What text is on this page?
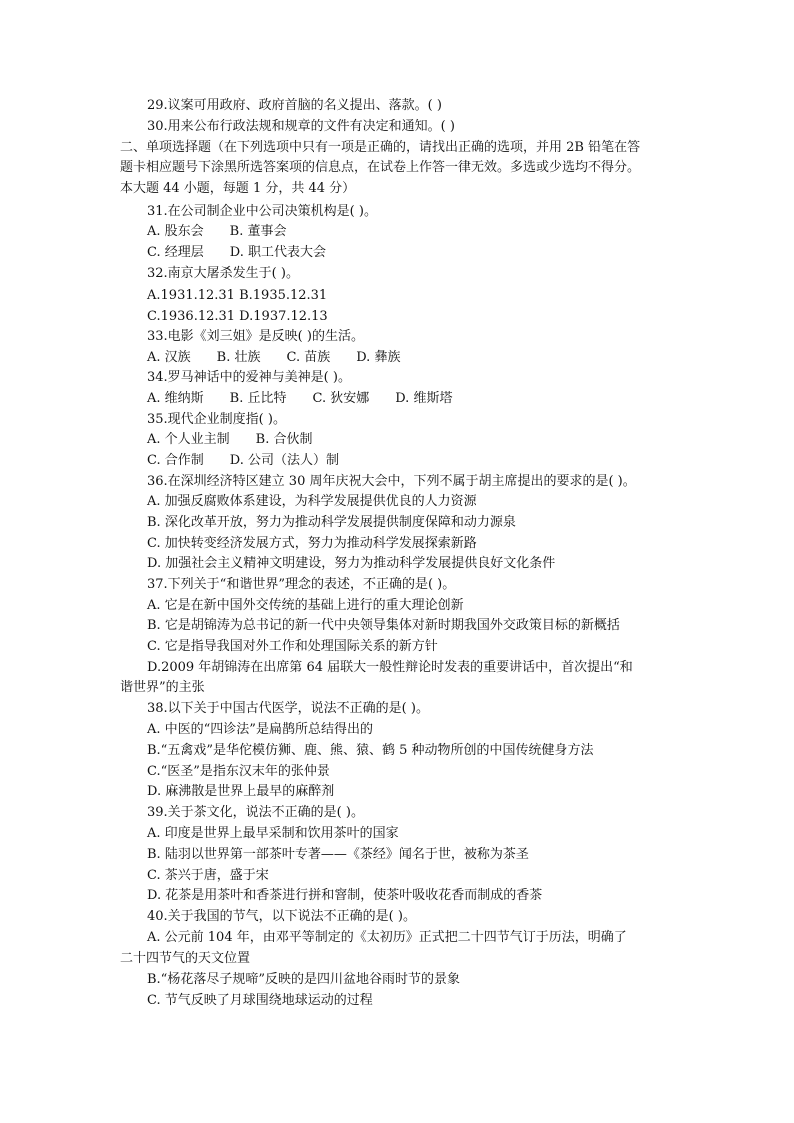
29.议案可用政府、政府首脑的名义提出、落款。( )
30.用来公布行政法规和规章的文件有决定和通知。( )
二、单项选择题（在下列选项中只有一项是正确的，请找出正确的选项，并用 2B 铅笔在答
题卡相应题号下涂黑所选答案项的信息点，在试卷上作答一律无效。多选或少选均不得分。
本大题 44 小题，每题 1 分，共 44 分）
31.在公司制企业中公司决策机构是( )。
A. 股东会　　B. 董事会
C. 经理层　　D. 职工代表大会
32.南京大屠杀发生于( )。
A.1931.12.31 B.1935.12.31
C.1936.12.31 D.1937.12.13
33.电影《刘三姐》是反映( )的生活。
A. 汉族　　B. 壮族　　C. 苗族　　D. 彝族
34.罗马神话中的爱神与美神是( )。
A. 维纳斯　　B. 丘比特　　C. 狄安娜　　D. 维斯塔
35.现代企业制度指( )。
A. 个人业主制　　B. 合伙制
C. 合作制　　D. 公司（法人）制
36.在深圳经济特区建立 30 周年庆祝大会中，下列不属于胡主席提出的要求的是( )。
A. 加强反腐败体系建设，为科学发展提供优良的人力资源
B. 深化改革开放，努力为推动科学发展提供制度保障和动力源泉
C. 加快转变经济发展方式，努力为推动科学发展探索新路
D. 加强社会主义精神文明建设，努力为推动科学发展提供良好文化条件
37.下列关于“和谐世界”理念的表述，不正确的是( )。
A. 它是在新中国外交传统的基础上进行的重大理论创新
B. 它是胡锦涛为总书记的新一代中央领导集体对新时期我国外交政策目标的新概括
C. 它是指导我国对外工作和处理国际关系的新方针
D.2009 年胡锦涛在出席第 64 届联大一般性辩论时发表的重要讲话中，首次提出“和
谐世界”的主张
38.以下关于中国古代医学，说法不正确的是( )。
A. 中医的“四诊法”是扁鹊所总结得出的
B.“五禽戏”是华佗模仿狮、鹿、熊、猿、鹤 5 种动物所创的中国传统健身方法
C.“医圣”是指东汉末年的张仲景
D. 麻沸散是世界上最早的麻醉剂
39.关于茶文化，说法不正确的是( )。
A. 印度是世界上最早采制和饮用茶叶的国家
B. 陆羽以世界第一部茶叶专著——《茶经》闻名于世，被称为茶圣
C. 茶兴于唐，盛于宋
D. 花茶是用茶叶和香茶进行拼和窨制，使茶叶吸收花香而制成的香茶
40.关于我国的节气，以下说法不正确的是( )。
A. 公元前 104 年，由邓平等制定的《太初历》正式把二十四节气订于历法，明确了
二十四节气的天文位置
B.“杨花落尽子规啼”反映的是四川盆地谷雨时节的景象
C. 节气反映了月球围绕地球运动的过程
